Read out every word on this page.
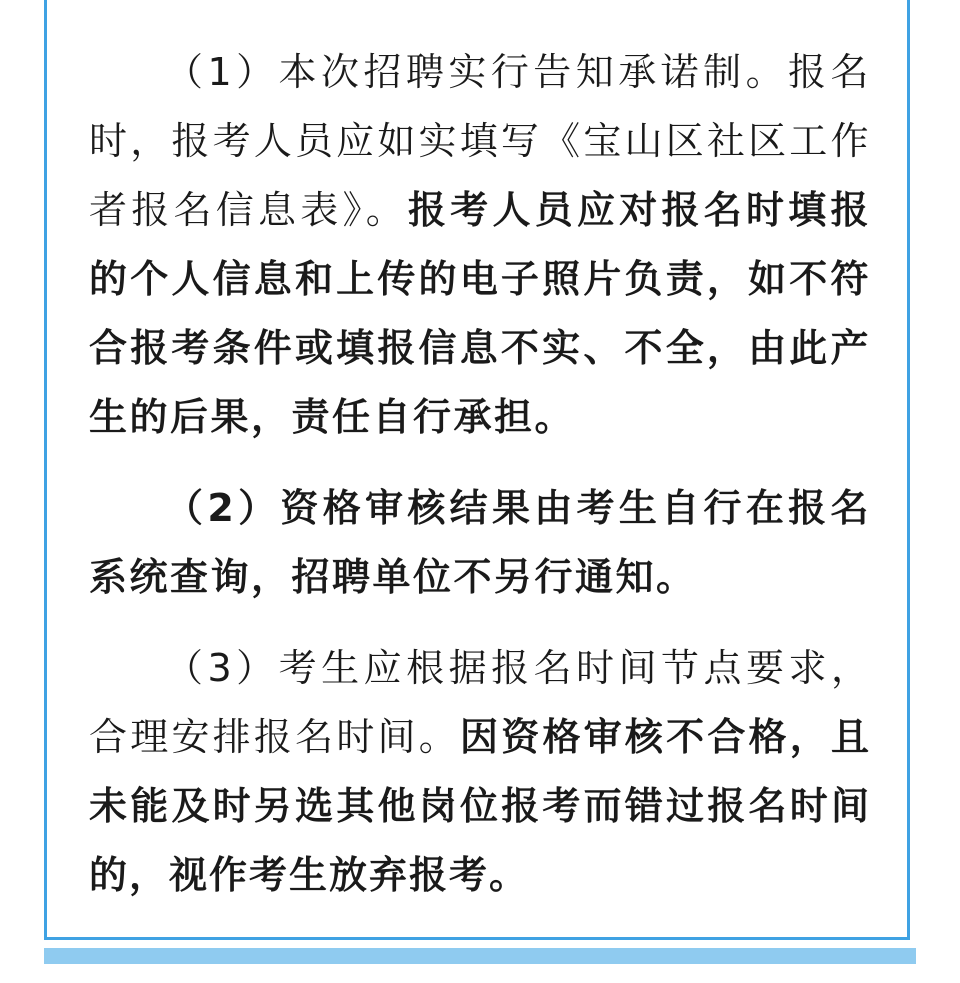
（1）本次招聘实行告知承诺制。报名时，报考人员应如实填写《宝山区社区工作者报名信息表》。报考人员应对报名时填报的个人信息和上传的电子照片负责，如不符合报考条件或填报信息不实、不全，由此产生的后果，责任自行承担。

（2）资格审核结果由考生自行在报名系统查询，招聘单位不另行通知。

（3）考生应根据报名时间节点要求，合理安排报名时间。因资格审核不合格，且未能及时另选其他岗位报考而错过报名时间的，视作考生放弃报考。
